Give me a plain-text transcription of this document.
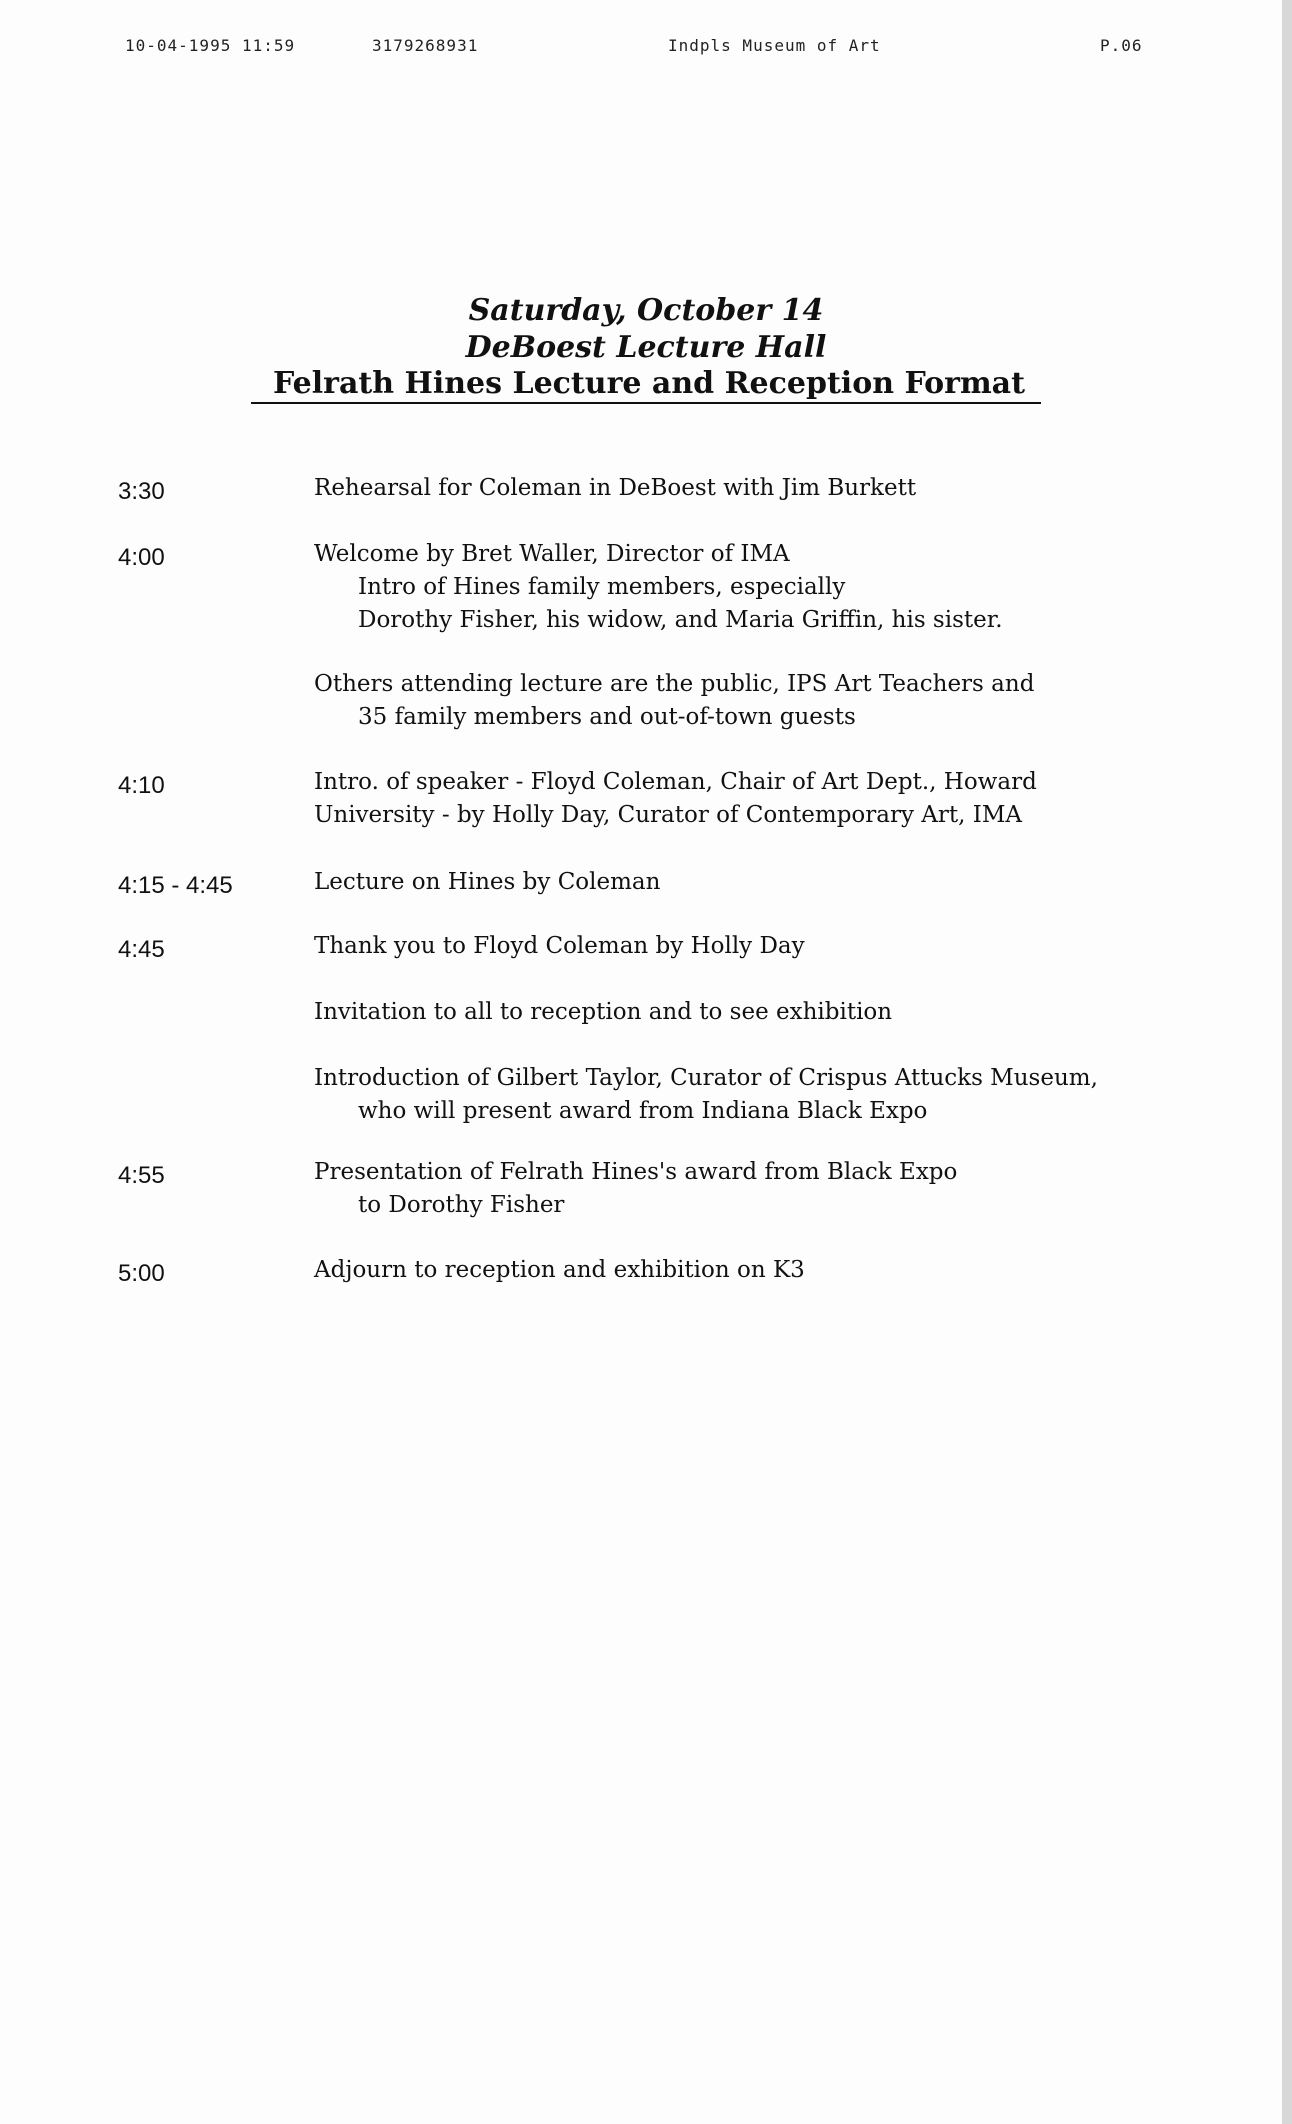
10-04-1995 11:59	3179268931	Indpls Museum of Art	P.06
Saturday, October 14
DeBoest Lecture Hall
Felrath Hines Lecture and Reception Format
3:30	Rehearsal for Coleman in DeBoest with Jim Burkett

4:00	Welcome by Bret Waller, Director of IMA

Intro of Hines family members, especially

Dorothy Fisher, his widow, and Maria Griffin, his sister.

Others attending lecture are the public, IPS Art Teachers and

35 family members and out-of-town guests

4:10	Intro. of speaker - Floyd Coleman, Chair of Art Dept., Howard

University - by Holly Day, Curator of Contemporary Art, IMA

4:15 - 4:45	Lecture on Hines by Coleman

4:45	Thank you to Floyd Coleman by Holly Day

Invitation to all to reception and to see exhibition

Introduction of Gilbert Taylor, Curator of Crispus Attucks Museum,

who will present award from Indiana Black Expo

4:55	Presentation of Felrath Hines's award from Black Expo

to Dorothy Fisher

5:00	Adjourn to reception and exhibition on K3
